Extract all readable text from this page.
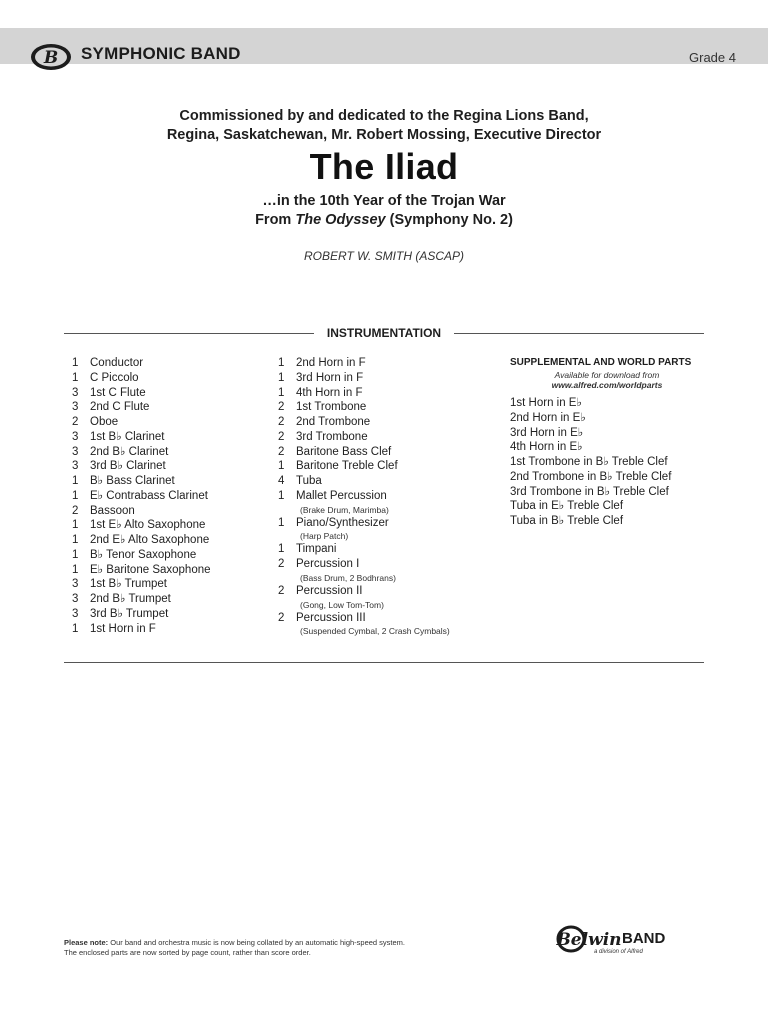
B SYMPHONIC BAND	Grade 4
Commissioned by and dedicated to the Regina Lions Band,
Regina, Saskatchewan, Mr. Robert Mossing, Executive Director
The Iliad
…in the 10th Year of the Trojan War
From The Odyssey (Symphony No. 2)
ROBERT W. SMITH (ASCAP)
INSTRUMENTATION
1 Conductor
1 C Piccolo
3 1st C Flute
3 2nd C Flute
2 Oboe
3 1st B♭ Clarinet
3 2nd B♭ Clarinet
3 3rd B♭ Clarinet
1 B♭ Bass Clarinet
1 E♭ Contrabass Clarinet
2 Bassoon
1 1st E♭ Alto Saxophone
1 2nd E♭ Alto Saxophone
1 B♭ Tenor Saxophone
1 E♭ Baritone Saxophone
3 1st B♭ Trumpet
3 2nd B♭ Trumpet
3 3rd B♭ Trumpet
1 1st Horn in F
1 2nd Horn in F
1 3rd Horn in F
1 4th Horn in F
2 1st Trombone
2 2nd Trombone
2 3rd Trombone
2 Baritone Bass Clef
1 Baritone Treble Clef
4 Tuba
1 Mallet Percussion
(Brake Drum, Marimba)
1 Piano/Synthesizer
(Harp Patch)
1 Timpani
2 Percussion I
(Bass Drum, 2 Bodhrans)
2 Percussion II
(Gong, Low Tom-Tom)
2 Percussion III
(Suspended Cymbal, 2 Crash Cymbals)
SUPPLEMENTAL AND WORLD PARTS
Available for download from
www.alfred.com/worldparts
1st Horn in E♭
2nd Horn in E♭
3rd Horn in E♭
4th Horn in E♭
1st Trombone in B♭ Treble Clef
2nd Trombone in B♭ Treble Clef
3rd Trombone in B♭ Treble Clef
Tuba in E♭ Treble Clef
Tuba in B♭ Treble Clef
Please note: Our band and orchestra music is now being collated by an automatic high-speed system.
The enclosed parts are now sorted by page count, rather than score order.
Belwin BAND
a division of Alfred
